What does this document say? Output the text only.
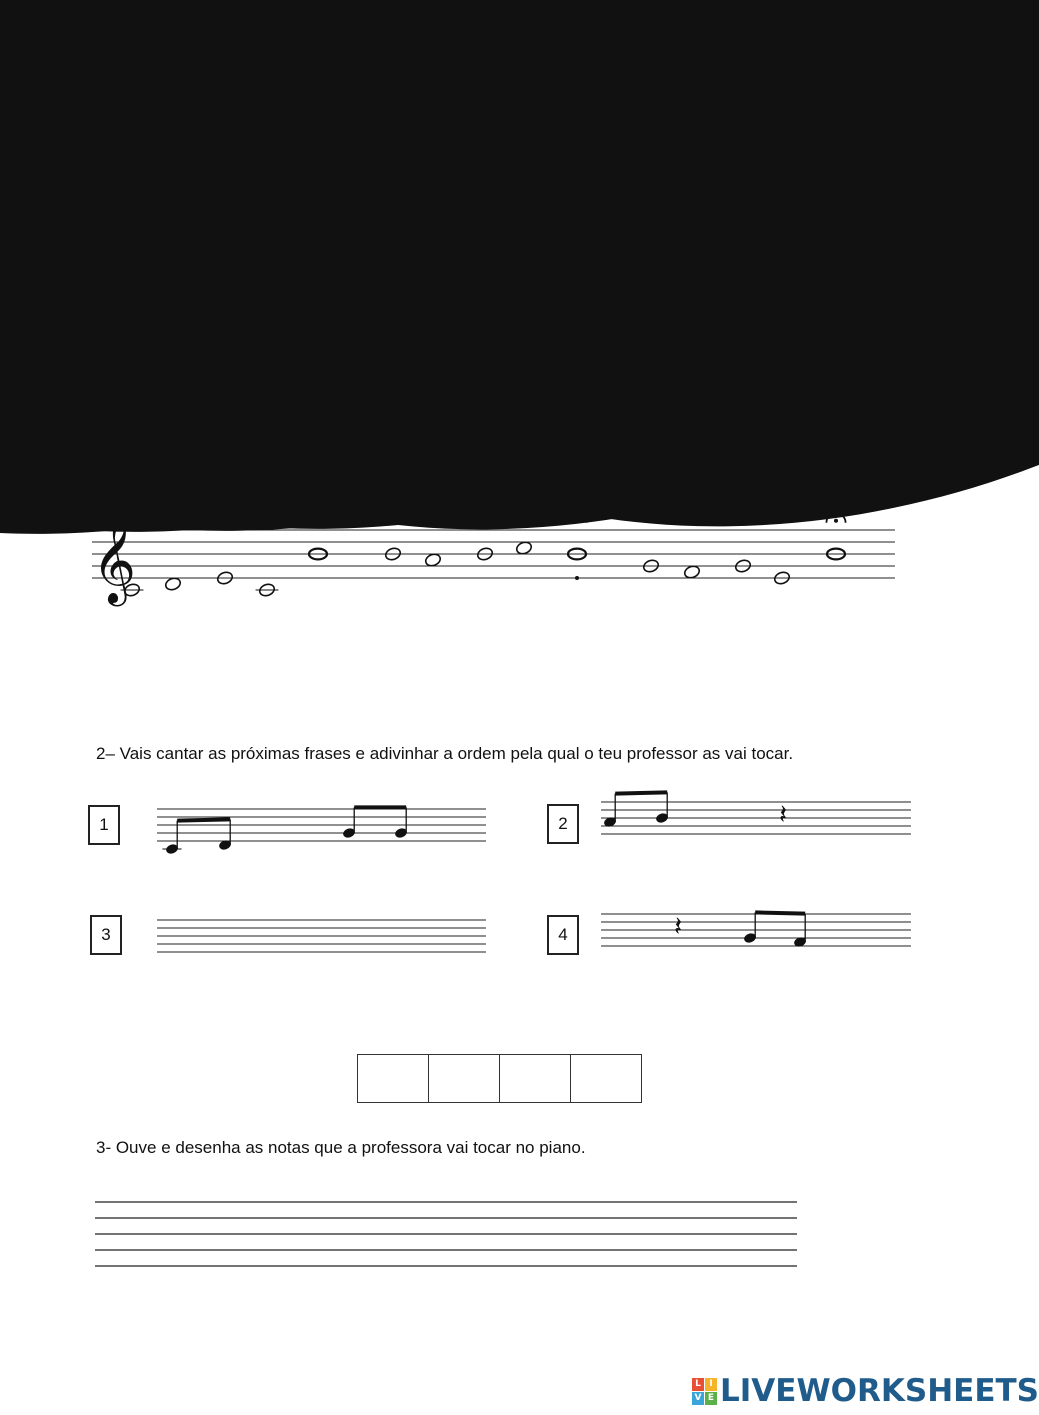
2– Vais cantar as próximas frases e adivinhar a ordem pela qual o teu professor as vai tocar.
1	2
3	4

3- Ouve e desenha as notas que a professora vai tocar no piano.
L I
V E LIVEWORKSHEETS
𝄞
𝄽
𝄽
